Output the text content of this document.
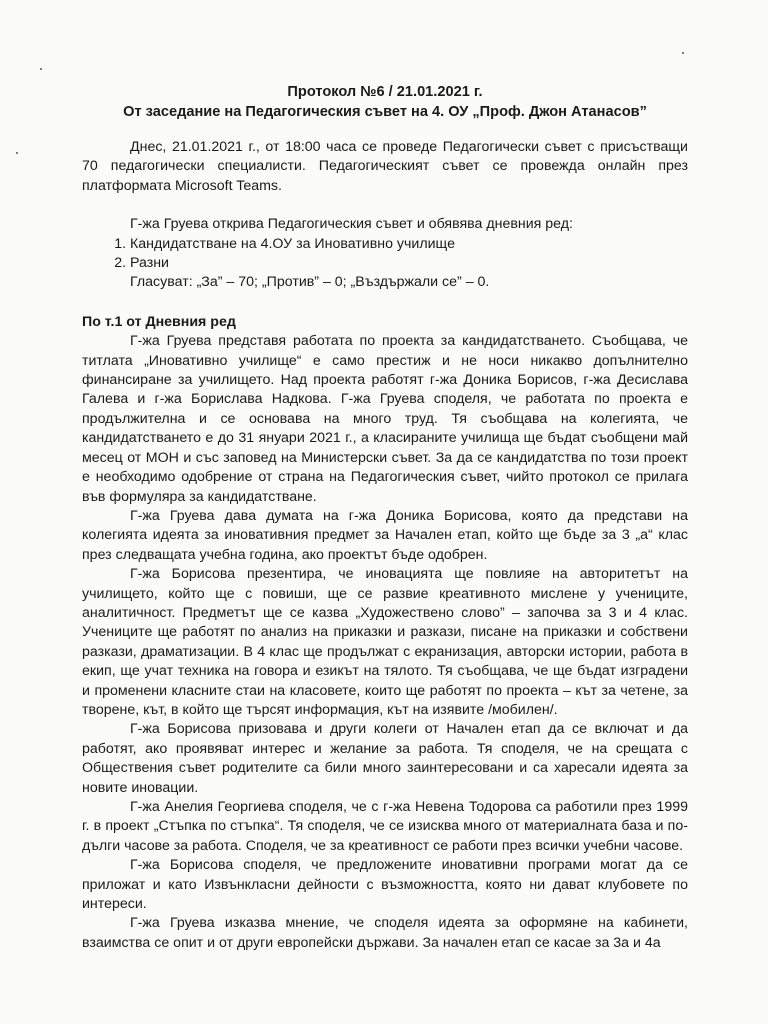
Протокол №6 / 21.01.2021 г.
От заседание на Педагогическия съвет на 4. ОУ „Проф. Джон Атанасов”

Днес, 21.01.2021 г., от 18:00 часа се проведе Педагогически съвет с присъстващи 70 педагогически специалисти. Педагогическият съвет се провежда онлайн през платформата Microsoft Teams.

Г-жа Груева открива Педагогическия съвет и обявява дневния ред:

1. Кандидатстване на 4.ОУ за Иновативно училище
2. Разни
Гласуват: „За” – 70; „Против” – 0; „Въздържали се” – 0.
По т.1 от Дневния ред

Г-жа Груева представя работата по проекта за кандидатстването. Съобщава, че титлата „Иновативно училище“ е само престиж и не носи никакво допълнително финансиране за училището. Над проекта работят г-жа Доника Борисов, г-жа Десислава Галева и г-жа Борислава Надкова. Г-жа Груева споделя, че работата по проекта е продължителна и се основава на много труд. Тя съобщава на колегията, че кандидатстването е до 31 януари 2021 г., а класираните училища ще бъдат съобщени май месец от МОН и със заповед на Министерски съвет. За да се кандидатства по този проект е необходимо одобрение от страна на Педагогическия съвет, чийто протокол се прилага във формуляра за кандидатстване.

Г-жа Груева дава думата на г-жа Доника Борисова, която да представи на колегията идеята за иновативния предмет за Начален етап, който ще бъде за 3 „а“ клас през следващата учебна година, ако проектът бъде одобрен.

Г-жа Борисова презентира, че иновацията ще повлияе на авторитетът на училището, който ще с повиши, ще се развие креативното мислене у учениците, аналитичност. Предметът ще се казва „Художествено слово” – започва за 3 и 4 клас. Учениците ще работят по анализ на приказки и разкази, писане на приказки и собствени разкази, драматизации. В 4 клас ще продължат с екранизация, авторски истории, работа в екип, ще учат техника на говора и езикът на тялото. Тя съобщава, че ще бъдат изградени и променени класните стаи на класовете, които ще работят по проекта – кът за четене, за творене, кът, в който ще търсят информация, кът на изявите /мобилен/.

Г-жа Борисова призовава и други колеги от Начален етап да се включат и да работят, ако проявяват интерес и желание за работа. Тя споделя, че на срещата с Обществения съвет родителите са били много заинтересовани и са харесали идеята за новите иновации.

Г-жа Анелия Георгиева споделя, че с г-жа Невена Тодорова са работили през 1999 г. в проект „Стъпка по стъпка“. Тя споделя, че се изисква много от материалната база и по-дълги часове за работа. Споделя, че за креативност се работи през всички учебни часове.

Г-жа Борисова споделя, че предложените иновативни програми могат да се приложат и като Извънкласни дейности с възможността, която ни дават клубовете по интереси.

Г-жа Груева изказва мнение, че споделя идеята за оформяне на кабинети, взаимства се опит и от други европейски държави. За начален етап се касае за 3а и 4а
